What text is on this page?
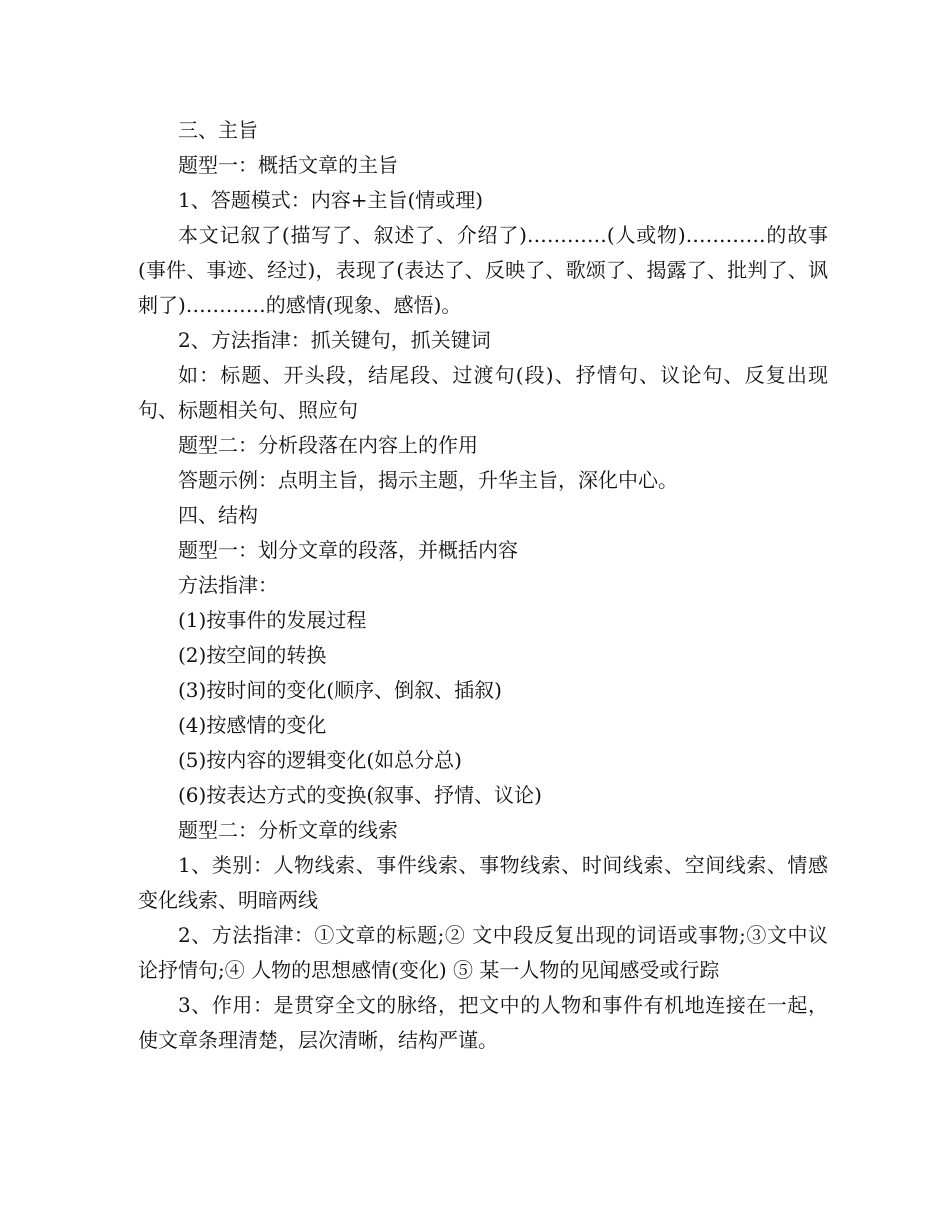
三、主旨

题型一：概括文章的主旨

1、答题模式：内容+主旨(情或理)

本文记叙了(描写了、叙述了、介绍了)…………(人或物)…………的故事(事件、事迹、经过)，表现了(表达了、反映了、歌颂了、揭露了、批判了、讽刺了)…………的感情(现象、感悟)。

2、方法指津：抓关键句，抓关键词

如：标题、开头段，结尾段、过渡句(段)、抒情句、议论句、反复出现句、标题相关句、照应句

题型二：分析段落在内容上的作用

答题示例：点明主旨，揭示主题，升华主旨，深化中心。

四、结构

题型一：划分文章的段落，并概括内容

方法指津：

(1)按事件的发展过程

(2)按空间的转换

(3)按时间的变化(顺序、倒叙、插叙)

(4)按感情的变化

(5)按内容的逻辑变化(如总分总)

(6)按表达方式的变换(叙事、抒情、议论)

题型二：分析文章的线索

1、类别：人物线索、事件线索、事物线索、时间线索、空间线索、情感变化线索、明暗两线

2、方法指津：①文章的标题;② 文中段反复出现的词语或事物;③文中议论抒情句;④ 人物的思想感情(变化) ⑤ 某一人物的见闻感受或行踪

3、作用：是贯穿全文的脉络，把文中的人物和事件有机地连接在一起，使文章条理清楚，层次清晰，结构严谨。
